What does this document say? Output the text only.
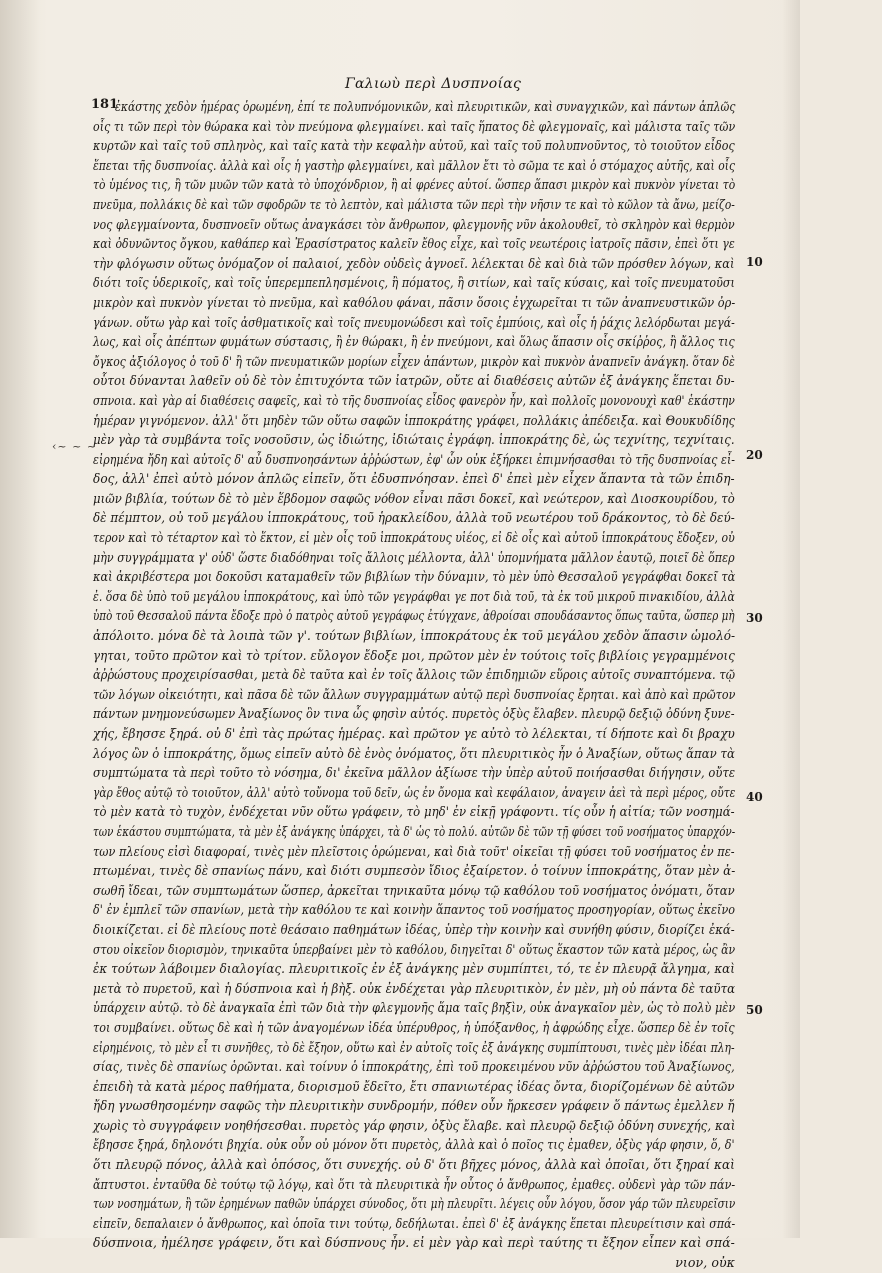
Γαλιωὺ περὶ Δυσπνοίας
181
‹~ ~ ~
10
20
30
40
50
ἐκάστης χεδὸν ἡμέρας ὁρωμένη, ἐπί τε πολυπνόμονικῶν, καὶ πλευριτικῶν, καὶ συναγχικῶν, καὶ πάντων ἁπλῶς
οἷς τι τῶν περὶ τὸν θώρακα καὶ τὸν πνεύμονα φλεγμαίνει. καὶ ταῖς ἥπατος δὲ φλεγμοναῖς, καὶ μάλιστα ταῖς τῶν
κυρτῶν καὶ ταῖς τοῦ σπληνὸς, καὶ ταῖς κατὰ τὴν κεφαλὴν αὐτοῦ, καὶ ταῖς τοῦ πολυπνοῦντος, τὸ τοιοῦτον εἶδος
ἕπεται τῆς δυσπνοίας. ἀλλὰ καὶ οἷς ἡ γαστὴρ φλεγμαίνει, καὶ μᾶλλον ἔτι τὸ σῶμα τε καὶ ὁ στόμαχος αὐτῆς, καὶ οἷς
τὸ ὑμένος τις, ἢ τῶν μυῶν τῶν κατὰ τὸ ὑποχόνδριον, ἢ αἱ φρένες αὐτοί. ὥσπερ ἅπασι μικρὸν καὶ πυκνὸν γίνεται τὸ
πνεῦμα, πολλάκις δὲ καὶ τῶν σφοδρῶν τε τὸ λεπτὸν, καὶ μάλιστα τῶν περὶ τὴν νῆσιν τε καὶ τὸ κῶλον τὰ ἄνω, μείζο-
νος φλεγμαίνοντα, δυσπνοεῖν οὕτως ἀναγκάσει τὸν ἄνθρωπον, φλεγμονῆς νῦν ἀκολουθεῖ, τὸ σκληρὸν καὶ θερμὸν
καὶ ὀδυνῶντος ὄγκου, καθάπερ καὶ Ἐρασίστρατος καλεῖν ἔθος εἶχε, καὶ τοῖς νεωτέροις ἰατροῖς πᾶσιν, ἐπεὶ ὅτι γε
τὴν φλόγωσιν οὕτως ὀνόμαζον οἱ παλαιοί, χεδὸν οὐδεὶς ἀγνοεῖ. λέλεκται δὲ καὶ διὰ τῶν πρόσθεν λόγων, καὶ
διότι τοῖς ὑδερικοῖς, καὶ τοῖς ὑπερεμπεπλησμένοις, ἢ πόματος, ἢ σιτίων, καὶ ταῖς κύσαις, καὶ τοῖς πνευματοῦσι
μικρὸν καὶ πυκνὸν γίνεται τὸ πνεῦμα, καὶ καθόλου φάναι, πᾶσιν ὅσοις ἐγχωρεῖται τι τῶν ἀναπνευστικῶν ὀρ-
γάνων. οὕτω γὰρ καὶ τοῖς ἀσθματικοῖς καὶ τοῖς πνευμονώδεσι καὶ τοῖς ἐμπύοις, καὶ οἷς ἡ ῥάχις λελόρδωται μεγά-
λως, καὶ οἷς ἀπέπτων φυμάτων σύστασις, ἢ ἐν θώρακι, ἢ ἐν πνεύμονι, καὶ ὅλως ἅπασιν οἷς σκίῤῥος, ἢ ἄλλος τις
ὄγκος ἀξιόλογος ὁ τοῦ δ' ἢ τῶν πνευματικῶν μορίων εἶχεν ἁπάντων, μικρὸν καὶ πυκνὸν ἀναπνεῖν ἀνάγκη. ὅταν δὲ
οὗτοι δύνανται λαθεῖν οὐ δὲ τὸν ἐπιτυχόντα τῶν ἰατρῶν, οὔτε αἱ διαθέσεις αὐτῶν ἐξ ἀνάγκης ἕπεται δυ-
σπνοια. καὶ γὰρ αἱ διαθέσεις σαφεῖς, καὶ τὸ τῆς δυσπνοίας εἶδος φανερὸν ἦν, καὶ πολλοῖς μονονουχὶ καθ' ἑκάστην
ἡμέραν γιγνόμενον. ἀλλ' ὅτι μηδὲν τῶν οὕτω σαφῶν ἱπποκράτης γράφει, πολλάκις ἀπέδειξα. καὶ Θουκυδίδης
μὲν γὰρ τὰ συμβάντα τοῖς νοσοῦσιν, ὡς ἰδιώτης, ἰδιώταις ἐγράφη. ἱπποκράτης δὲ, ὡς τεχνίτης, τεχνίταις.
εἰρημένα ἤδη καὶ αὐτοῖς δ' αὖ δυσπνοησάντων ἀῤῥώστων, ἐφ' ὧν οὐκ ἐξήρκει ἐπιμνήσασθαι τὸ τῆς δυσπνοίας εἶ-
δος, ἀλλ' ἐπεὶ αὐτὸ μόνον ἁπλῶς εἰπεῖν, ὅτι ἐδυσπνόησαν. ἐπεὶ δ' ἐπεὶ μὲν εἶχεν ἅπαντα τὰ τῶν ἐπιδη-
μιῶν βιβλία, τούτων δὲ τὸ μὲν ἕβδομον σαφῶς νόθον εἶναι πᾶσι δοκεῖ, καὶ νεώτερον, καὶ Διοσκουρίδου, τὸ
δὲ πέμπτον, οὐ τοῦ μεγάλου ἱπποκράτους, τοῦ ἡρακλείδου, ἀλλὰ τοῦ νεωτέρου τοῦ δράκοντος, τὸ δὲ δεύ-
τερον καὶ τὸ τέταρτον καὶ τὸ ἕκτον, εἰ μὲν οἷς τοῦ ἱπποκράτους υἱέος, εἰ δὲ οἷς καὶ αὐτοῦ ἱπποκράτους ἔδοξεν, οὐ
μὴν συγγράμματα γ' οὐδ' ὥστε διαδόθηναι τοῖς ἄλλοις μέλλοντα, ἀλλ' ὑπομνήματα μᾶλλον ἑαυτῷ, ποιεῖ δὲ ὅπερ
καὶ ἀκριβέστερα μοι δοκοῦσι καταμαθεῖν τῶν βιβλίων τὴν δύναμιν, τὸ μὲν ὑπὸ Θεσσαλοῦ γεγράφθαι δοκεῖ τὰ
ἐ. ὅσα δὲ ὑπὸ τοῦ μεγάλου ἱπποκράτους, καὶ ὑπὸ τῶν γεγράφθαι γε ποτ διὰ τοῦ, τὰ ἐκ τοῦ μικροῦ πινακιδίου, ἀλλὰ
ὑπὸ τοῦ Θεσσαλοῦ πάντα ἔδοξε πρὸ ὁ πατρὸς αὐτοῦ γεγράφως ἐτύγχανε, ἀθροίσαι σπουδάσαντος ὅπως ταῦτα, ὥσπερ μὴ
ἀπόλοιτο. μόνα δὲ τὰ λοιπὰ τῶν γ'. τούτων βιβλίων, ἱπποκράτους ἐκ τοῦ μεγάλου χεδὸν ἅπασιν ὡμολό-
γηται, τοῦτο πρῶτον καὶ τὸ τρίτον. εὔλογον ἔδοξε μοι, πρῶτον μὲν ἐν τούτοις τοῖς βιβλίοις γεγραμμένοις
ἀῤῥώστους προχειρίσασθαι, μετὰ δὲ ταῦτα καὶ ἐν τοῖς ἄλλοις τῶν ἐπιδημιῶν εὕροις αὐτοῖς συναπτόμενα. τῷ
τῶν λόγων οἰκειότητι, καὶ πᾶσα δὲ τῶν ἄλλων συγγραμμάτων αὐτῷ περὶ δυσπνοίας ἔρηται. καὶ ἀπὸ καὶ πρῶτον
πάντων μνημονεύσωμεν Ἀναξίωνος ὃν τινα ὧς φησὶν αὐτός. πυρετὸς ὀξὺς ἔλαβεν. πλευρῷ δεξιῷ ὀδύνη ξυνε-
χής, ἔβησσε ξηρά. οὐ δ' ἐπὶ τὰς πρώτας ἡμέρας. καὶ πρῶτον γε αὐτὸ τὸ λέλεκται, τί δήποτε καὶ δι βραχυ
λόγος ὢν ὁ ἱπποκράτης, ὅμως εἰπεῖν αὐτὸ δὲ ἑνὸς ὀνόματος, ὅτι πλευριτικὸς ἦν ὁ Ἀναξίων, οὕτως ἅπαν τὰ
συμπτώματα τὰ περὶ τοῦτο τὸ νόσημα, δι' ἐκεῖνα μᾶλλον ἀξίωσε τὴν ὑπὲρ αὐτοῦ ποιήσασθαι διήγησιν, οὔτε
γὰρ ἔθος αὐτῷ τὸ τοιοῦτον, ἀλλ' αὐτὸ τοὔνομα τοῦ δεῖν, ὡς ἐν ὄνομα καὶ κεφάλαιον, ἀναγειν ἀεὶ τὰ περὶ μέρος, οὔτε
τὸ μὲν κατὰ τὸ τυχὸν, ἐνδέχεται νῦν οὕτω γράφειν, τὸ μηδ' ἐν εἰκῇ γράφοντι. τίς οὖν ἡ αἰτία; τῶν νοσημά-
των ἑκάστου συμπτώματα, τὰ μὲν ἐξ ἀνάγκης ὑπάρχει, τὰ δ' ὡς τὸ πολύ. αὐτῶν δὲ τῶν τῇ φύσει τοῦ νοσήματος ὑπαρχόν-
των πλείους εἰσὶ διαφοραί, τινὲς μὲν πλεῖστοις ὁρώμεναι, καὶ διὰ τοῦτ' οἰκεῖαι τῇ φύσει τοῦ νοσήματος ἐν πε-
πτωμέναι, τινὲς δὲ σπανίως πάνυ, καὶ διότι συμπεσὸν ἴδιος ἐξαίρετον. ὁ τοίνυν ἱπποκράτης, ὅταν μὲν ἀ-
σωθῆ ἴδεαι, τῶν συμπτωμάτων ὥσπερ, ἀρκεῖται τηνικαῦτα μόνῳ τῷ καθόλου τοῦ νοσήματος ὀνόματι, ὅταν
δ' ἐν ἐμπλεῖ τῶν σπανίων, μετὰ τὴν καθόλου τε καὶ κοινὴν ἅπαντος τοῦ νοσήματος προσηγορίαν, οὕτως ἐκεῖνο
διοικίζεται. εἰ δὲ πλείους ποτὲ θεάσαιο παθημάτων ἰδέας, ὑπὲρ τὴν κοινὴν καὶ συνήθη φύσιν, διορίζει ἐκά-
στου οἰκεῖον διορισμὸν, τηνικαῦτα ὑπερβαίνει μὲν τὸ καθόλου, διηγεῖται δ' οὕτως ἕκαστον τῶν κατὰ μέρος, ὡς ἂν
ἐκ τούτων λάβοιμεν διαλογίας. πλευριτικοῖς ἐν ἐξ ἀνάγκης μὲν συμπίπτει, τό, τε ἐν πλευρᾷ ἄλγημα, καὶ
μετὰ τὸ πυρετοῦ, καὶ ἡ δύσπνοια καὶ ἡ βὴξ. οὐκ ἐνδέχεται γὰρ πλευριτικὸν, ἐν μὲν, μὴ οὐ πάντα δὲ ταῦτα
ὑπάρχειν αὐτῷ. τὸ δὲ ἀναγκαῖα ἐπὶ τῶν διὰ τὴν φλεγμονῆς ἅμα ταῖς βηξὶν, οὐκ ἀναγκαῖον μὲν, ὡς τὸ πολὺ μὲν
τοι συμβαίνει. οὕτως δὲ καὶ ἡ τῶν ἀναγομένων ἰδέα ὑπέρυθρος, ἡ ὑπόξανθος, ἡ ἀφρώδης εἶχε. ὥσπερ δὲ ἐν τοῖς
εἰρημένοις, τὸ μὲν εἶ τι συνῆθες, τὸ δὲ ἔξηον, οὕτω καὶ ἐν αὐτοῖς τοῖς ἐξ ἀνάγκης συμπίπτουσι, τινὲς μὲν ἰδέαι πλη-
σίας, τινὲς δὲ σπανίως ὁρῶνται. καὶ τοίνυν ὁ ἱπποκράτης, ἐπὶ τοῦ προκειμένου νῦν ἀῤῥώστου τοῦ Ἀναξίωνος,
ἐπειδὴ τὰ κατὰ μέρος παθήματα, διορισμοῦ ἔδεῖτο, ἔτι σπανιωτέρας ἰδέας ὄντα, διορίζομένων δὲ αὐτῶν
ἤδη γνωσθησομένην σαφῶς τὴν πλευριτικὴν συνδρομήν, πόθεν οὖν ἤρκεσεν γράφειν ὅ πάντως ἐμελλεν ἤ
χωρὶς τὸ συγγράφειν νοηθήσεσθαι. πυρετὸς γάρ φησιν, ὀξὺς ἔλαβε. καὶ πλευρῷ δεξιῷ ὀδύνη συνεχής, καὶ
ἔβησσε ξηρά, δηλονότι βηχία. οὐκ οὖν οὐ μόνον ὅτι πυρετὸς, ἀλλὰ καὶ ὁ ποῖος τις ἐμαθεν, ὀξὺς γάρ φησιν, ὅ, δ'
ὅτι πλευρῷ πόνος, ἀλλὰ καὶ ὁπόσος, ὅτι συνεχής. οὐ δ' ὅτι βῆχες μόνος, ἀλλὰ καὶ ὁποῖαι, ὅτι ξηραί καὶ
ἄπτυστοι. ἐνταῦθα δὲ τούτῳ τῷ λόγῳ, καὶ ὅτι τὰ πλευριτικὰ ἦν οὗτος ὁ ἄνθρωπος, ἐμαθες. οὐδενὶ γὰρ τῶν πάν-
των νοσημάτων, ἢ τῶν ἐρημένων παθῶν ὑπάρχει σύνοδος, ὅτι μὴ πλευρῖτι. λέγεις οὖν λόγου, ὅσον γάρ τῶν πλευρεῖσιν
εἰπεῖν, δεπαλαιεν ὁ ἄνθρωπος, καὶ ὁποῖα τινι τούτῳ, δεδήλωται. ἐπεὶ δ' ἐξ ἀνάγκης ἕπεται πλευρείτισιν καὶ σπά-
δύσπνοια, ἠμέλησε γράφειν, ὅτι καὶ δύσπνους ἦν. εἰ μὲν γὰρ καὶ περὶ ταύτης τι ἔξηον εἶπεν καὶ σπά-
νιον, οὐκ
